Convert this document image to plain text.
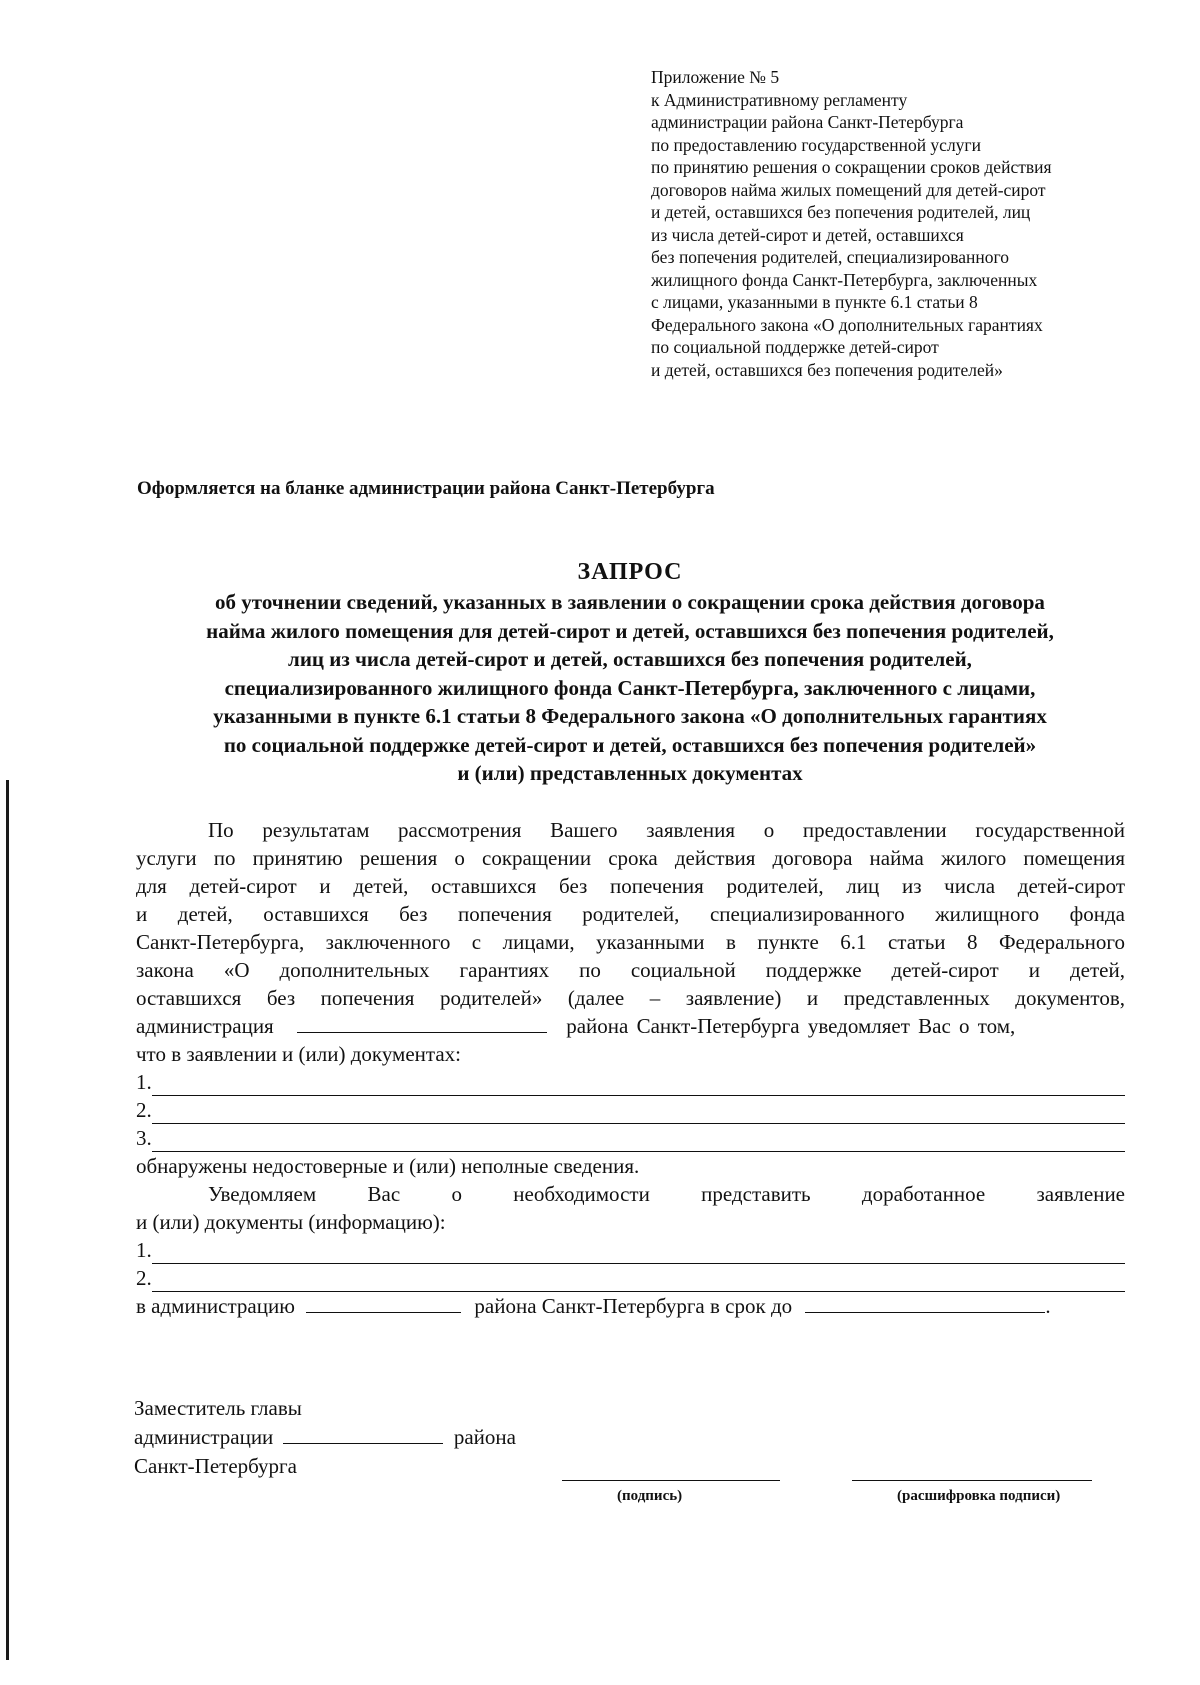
Приложение № 5
к Административному регламенту
администрации района Санкт-Петербурга
по предоставлению государственной услуги
по принятию решения о сокращении сроков действия
договоров найма жилых помещений для детей-сирот
и детей, оставшихся без попечения родителей, лиц
из числа детей-сирот и детей, оставшихся
без попечения родителей, специализированного
жилищного фонда Санкт-Петербурга, заключенных
с лицами, указанными в пункте 6.1 статьи 8
Федерального закона «О дополнительных гарантиях
по социальной поддержке детей-сирот
и детей, оставшихся без попечения родителей»
Оформляется на бланке администрации района Санкт-Петербурга
ЗАПРОС
об уточнении сведений, указанных в заявлении о сокращении срока действия договора
найма жилого помещения для детей-сирот и детей, оставшихся без попечения родителей,
лиц из числа детей-сирот и детей, оставшихся без попечения родителей,
специализированного жилищного фонда Санкт-Петербурга, заключенного с лицами,
указанными в пункте 6.1 статьи 8 Федерального закона «О дополнительных гарантиях
по социальной поддержке детей-сирот и детей, оставшихся без попечения родителей»
и (или) представленных документах
По результатам рассмотрения Вашего заявления о предоставлении государственной
услуги по принятию решения о сокращении срока действия договора найма жилого помещения
для детей-сирот и детей, оставшихся без попечения родителей, лиц из числа детей-сирот
и детей, оставшихся без попечения родителей, специализированного жилищного фонда
Санкт-Петербурга, заключенного с лицами, указанными в пункте 6.1 статьи 8 Федерального
закона «О дополнительных гарантиях по социальной поддержке детей-сирот и детей,
оставшихся без попечения родителей» (далее – заявление) и представленных документов,
администрация	района Санкт-Петербурга уведомляет Вас о том,
что в заявлении и (или) документах:
1.
2.
3.
обнаружены недостоверные и (или) неполные сведения.
Уведомляем Вас о необходимости представить доработанное заявление
и (или) документы (информацию):
1.
2.
в администрацию	района Санкт-Петербурга в срок до	.
Заместитель главы
администрации	района
Санкт-Петербурга
(подпись)	(расшифровка подписи)
